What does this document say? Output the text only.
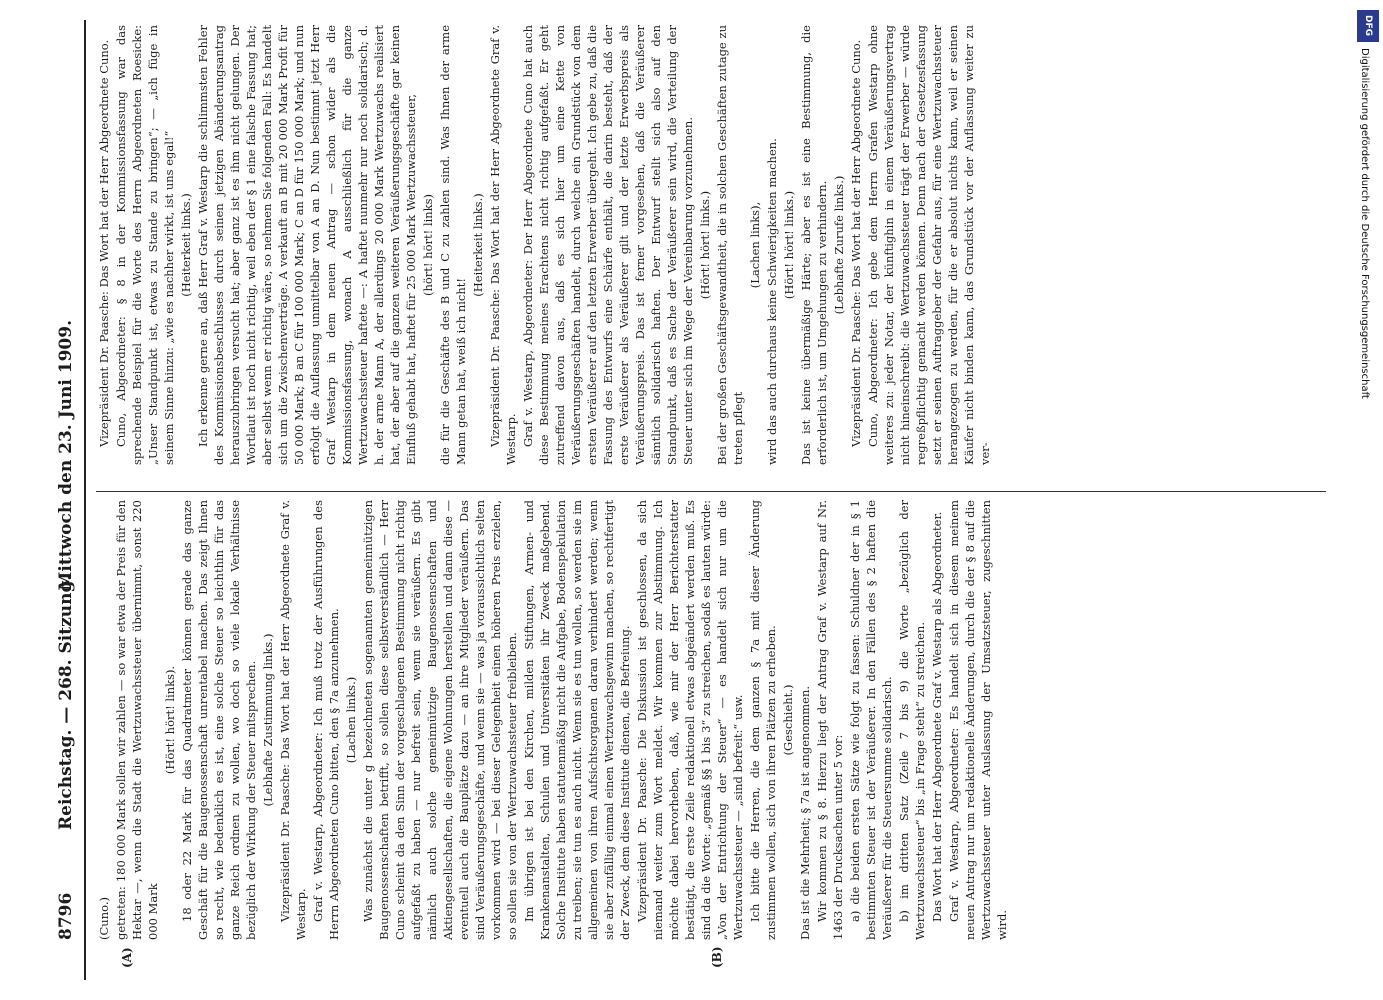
8796
Reichstag. — 268. Sitzung.
Mittwoch den 23. Juni 1909.
(A)	(B)

(Cuno.) getreten: 180 000 Mark sollen wir zahlen — so war etwa der Preis für den Hektar —, wenn die Stadt die Wertzuwachssteuer übernimmt, sonst 220 000 Mark

(Hört! hört! links). 18 oder 22 Mark für das Quadratmeter können gerade das ganze Geschäft für die Baugenossenschaft unrentabel machen. Das zeigt Ihnen so recht, wie bedenklich es ist, eine solche Steuer so leichthin für das ganze Reich ordnen zu wollen, wo doch so viele lokale Verhältnisse bezüglich der Wirkung der Steuer mitsprechen. (Lebhafte Zustimmung links.) Vizepräsident Dr. Paasche: Das Wort hat der Herr Abgeordnete Graf v. Westarp. Graf v. Westarp, Abgeordneter: Ich muß trotz der Ausführungen des Herrn Abgeordneten Cuno bitten, den § 7a anzunehmen. (Lachen links.) Was zunächst die unter g bezeichneten sogenannten gemeinnützigen Baugenossenschaften betrifft, so sollen diese selbstverständlich — Herr Cuno scheint da den Sinn der vorgeschlagenen Bestimmung nicht richtig aufgefaßt zu haben — nur befreit sein, wenn sie veräußern. Es gibt nämlich auch solche gemeinnützige Baugenossenschaften und Aktiengesellschaften, die eigene Wohnungen herstellen und dann diese — eventuell auch die Bauplätze dazu — an ihre Mitglieder veräußern. Das sind Veräußerungsgeschäfte, und wenn sie — was ja voraussichtlich selten vorkommen wird — bei dieser Gelegenheit einen höheren Preis erzielen, so sollen sie von der Wertzuwachssteuer freibleiben. Im übrigen ist bei den Kirchen, milden Stiftungen, Armen- und Krankenanstalten, Schulen und Universitäten ihr Zweck maßgebend. Solche Institute haben statutenmäßig nicht die Aufgabe, Bodenspekulation zu treiben; sie tun es auch nicht. Wenn sie es tun wollen, so werden sie im allgemeinen von ihren Aufsichtsorganen daran verhindert werden; wenn sie aber zufällig einmal einen Wertzuwachsgewinn machen, so rechtfertigt der Zweck, dem diese Institute dienen, die Befreiung. Vizepräsident Dr. Paasche: Die Diskussion ist geschlossen, da sich niemand weiter zum Wort meldet. Wir kommen zur Abstimmung. Ich möchte dabei hervorheben, daß, wie mir der Herr Berichterstatter bestätigt, die erste Zeile redaktionell etwas abgeändert werden muß. Es sind da die Worte: „gemäß §§ 1 bis 3“ zu streichen, sodaß es lauten würde: „Von der Entrichtung der Steuer“ — es handelt sich nur um die Wertzuwachssteuer — „sind befreit:“ usw. Ich bitte die Herren, die dem ganzen § 7a mit dieser Änderung zustimmen wollen, sich von ihren Plätzen zu erheben. (Geschieht.) Das ist die Mehrheit; § 7a ist angenommen. Wir kommen zu § 8. Hierzu liegt der Antrag Graf v. Westarp auf Nr. 1463 der Drucksachen unter 5 vor: a) die beiden ersten Sätze wie folgt zu fassen: Schuldner der in § 1 bestimmten Steuer ist der Veräußerer. In den Fällen des § 2 haften die Veräußerer für die Steuersumme solidarisch. b) im dritten Satz (Zeile 7 bis 9) die Worte „bezüglich der Wertzuwachssteuer“ bis „in Frage steht“ zu streichen. Das Wort hat der Herr Abgeordnete Graf v. Westarp als Abgeordneter. Graf v. Westarp, Abgeordneter: Es handelt sich in diesem meinem neuen Antrag nur um redaktionelle Änderungen, durch die der § 8 auf die Wertzuwachssteuer unter Auslassung der Umsatzsteuer, zugeschnitten wird.

Vizepräsident Dr. Paasche: Das Wort hat der Herr Abgeordnete Cuno. Cuno, Abgeordneter: § 8 in der Kommissionsfassung war das sprechende Beispiel für die Worte des Herrn Abgeordneten Roesicke: „Unser Standpunkt ist, etwas zu Stande zu bringen“; — „ich füge in seinem Sinne hinzu: „wie es nachher wirkt, ist uns egal!“ (Heiterkeit links.) Ich erkenne gerne an, daß Herr Graf v. Westarp die schlimmsten Fehler des Kommissionsbeschlusses durch seinen jetzigen Abänderungsantrag herauszubringen versucht hat; aber ganz ist es ihm nicht gelungen. Der Wortlaut ist noch nicht richtig, weil eben der § 1 eine falsche Fassung hat; aber selbst wenn er richtig wäre, so nehmen Sie folgenden Fall: Es handelt sich um die Zwischenverträge. A verkauft an B mit 20 000 Mark Profit für 50 000 Mark; B an C für 100 000 Mark; C an D für 150 000 Mark; und nun erfolgt die Auflassung unmittelbar von A an D. Nun bestimmt jetzt Herr Graf Westarp in dem neuen Antrag — schon wider als die Kommissionsfassung, wonach A ausschließlich für die ganze Wertzuwachssteuer haftete —: A haftet nunmehr nur noch solidarisch; d. h. der arme Mann A, der allerdings 20 000 Mark Wertzuwachs realisiert hat, der aber auf die ganzen weiteren Veräußerungsgeschäfte gar keinen Einfluß gehabt hat, haftet für 25 000 Mark Wertzuwachssteuer, (hört! hört! links) die für die Geschäfte des B und C zu zahlen sind. Was Ihnen der arme Mann getan hat, weiß ich nicht!

(Heiterkeit links.) Vizepräsident Dr. Paasche: Das Wort hat der Herr Abgeordnete Graf v. Westarp. Graf v. Westarp, Abgeordneter: Der Herr Abgeordnete Cuno hat auch diese Bestimmung meines Erachtens nicht richtig aufgefaßt. Er geht zutreffend davon aus, daß es sich hier um eine Kette von Veräußerungsgeschäften handelt, durch welche ein Grundstück von dem ersten Veräußerer auf den letzten Erwerber übergeht. Ich gebe zu, daß die Fassung des Entwurfs eine Schärfe enthält, die darin besteht, daß der erste Veräußerer als Veräußerer gilt und der letzte Erwerbspreis als Veräußerungspreis. Das ist ferner vorgesehen, daß die Veräußerer sämtlich solidarisch haften. Der Entwurf stellt sich also auf den Standpunkt, daß es Sache der Veräußerer sein wird, die Verteilung der Steuer unter sich im Wege der Vereinbarung vorzunehmen. (Hört! hört! links.) Bei der großen Geschäftsgewandtheit, die in solchen Geschäften zutage zu treten pflegt

(Lachen links), wird das auch durchaus keine Schwierigkeiten machen. (Hört! hört! links.) Das ist keine übermäßige Härte; aber es ist eine Bestimmung, die erforderlich ist, um Umgehungen zu verhindern. (Lebhafte Zurufe links.) Vizepräsident Dr. Paasche: Das Wort hat der Herr Abgeordnete Cuno. Cuno, Abgeordneter: Ich gebe dem Herrn Grafen Westarp ohne weiteres zu: jeder Notar, der künftighin in einem Veräußerungsvertrag nicht hineinschreibt: die Wertzuwachssteuer trägt der Erwerber — würde regreßpflichtig gemacht werden können. Denn nach der Gesetzesfassung setzt er seinen Auftraggeber der Gefahr aus, für eine Wertzuwachssteuer herangezogen zu werden, für die er absolut nichts kann, weil er seinen Käufer nicht binden kann, das Grundstück vor der Auflassung weiter zu ver-

DFG
Digitalisierung gefördert durch die Deutsche Forschungsgemeinschaft
